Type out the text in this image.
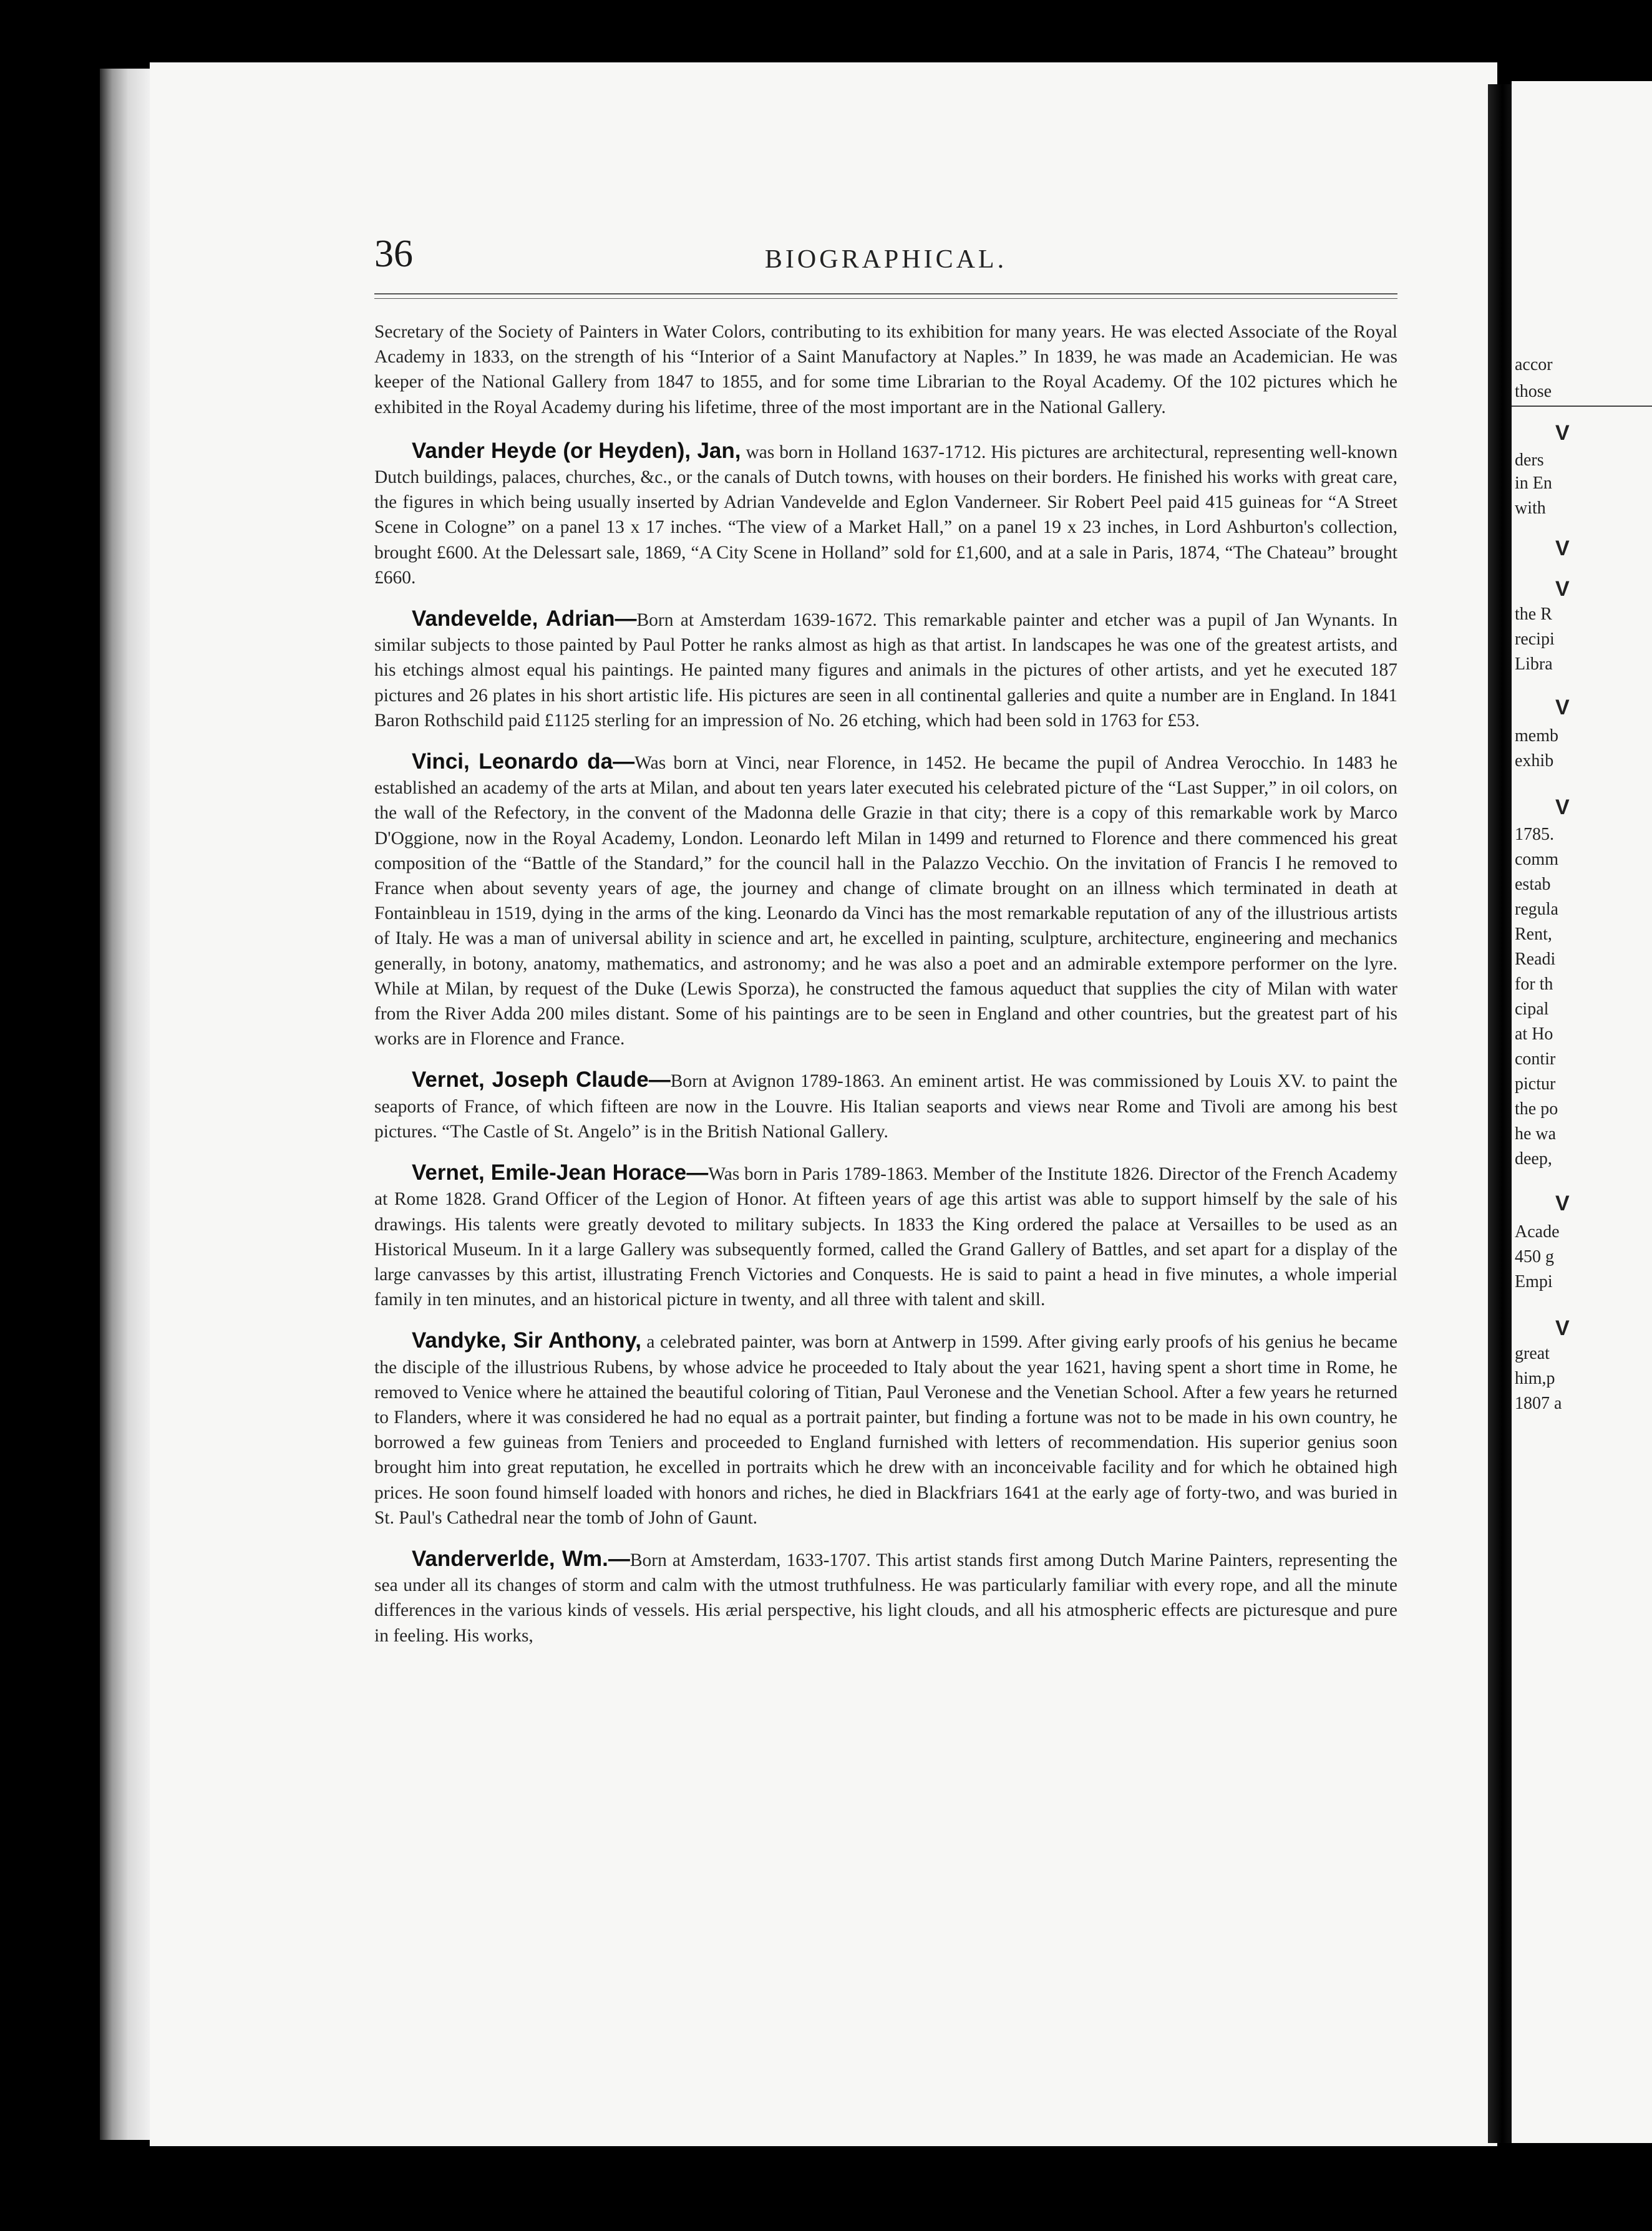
accor
those
V
ders
in En
with
V
V
the R
recipi
Libra
V
memb
exhib
V
1785.
comm
estab
regula
Rent,
Readi
for th
cipal
at Ho
contir
pictur
the po
he wa
deep,
V
Acade
450 g
Empi
V
great
him,p
1807 a
36	BIOGRAPHICAL.

Secretary of the Society of Painters in Water Colors, contributing to its exhibition for many years. He was elected Associate of the Royal Academy in 1833, on the strength of his “Interior of a Saint Manufactory at Naples.” In 1839, he was made an Academician. He was keeper of the National Gallery from 1847 to 1855, and for some time Librarian to the Royal Academy. Of the 102 pictures which he exhibited in the Royal Academy during his lifetime, three of the most important are in the National Gallery.

Vander Heyde (or Heyden), Jan, was born in Holland 1637-1712. His pictures are architectural, representing well-known Dutch buildings, palaces, churches, &c., or the canals of Dutch towns, with houses on their borders. He finished his works with great care, the figures in which being usually inserted by Adrian Vandevelde and Eglon Vanderneer. Sir Robert Peel paid 415 guineas for “A Street Scene in Cologne” on a panel 13 x 17 inches. “The view of a Market Hall,” on a panel 19 x 23 inches, in Lord Ashburton's collection, brought £600. At the Delessart sale, 1869, “A City Scene in Holland” sold for £1,600, and at a sale in Paris, 1874, “The Chateau” brought £660.

Vandevelde, Adrian—Born at Amsterdam 1639-1672. This remarkable painter and etcher was a pupil of Jan Wynants. In similar subjects to those painted by Paul Potter he ranks almost as high as that artist. In landscapes he was one of the greatest artists, and his etchings almost equal his paintings. He painted many figures and animals in the pictures of other artists, and yet he executed 187 pictures and 26 plates in his short artistic life. His pictures are seen in all continental galleries and quite a number are in England. In 1841 Baron Rothschild paid £1125 sterling for an impression of No. 26 etching, which had been sold in 1763 for £53.

Vinci, Leonardo da—Was born at Vinci, near Florence, in 1452. He became the pupil of Andrea Verocchio. In 1483 he established an academy of the arts at Milan, and about ten years later executed his celebrated picture of the “Last Supper,” in oil colors, on the wall of the Refectory, in the convent of the Madonna delle Grazie in that city; there is a copy of this remarkable work by Marco D'Oggione, now in the Royal Academy, London. Leonardo left Milan in 1499 and returned to Florence and there commenced his great composition of the “Battle of the Standard,” for the council hall in the Palazzo Vecchio. On the invitation of Francis I he removed to France when about seventy years of age, the journey and change of climate brought on an illness which terminated in death at Fontainbleau in 1519, dying in the arms of the king. Leonardo da Vinci has the most remarkable reputation of any of the illustrious artists of Italy. He was a man of universal ability in science and art, he excelled in painting, sculpture, architecture, engineering and mechanics generally, in botony, anatomy, mathematics, and astronomy; and he was also a poet and an admirable extempore performer on the lyre. While at Milan, by request of the Duke (Lewis Sporza), he constructed the famous aqueduct that supplies the city of Milan with water from the River Adda 200 miles distant. Some of his paintings are to be seen in England and other countries, but the greatest part of his works are in Florence and France.

Vernet, Joseph Claude—Born at Avignon 1789-1863. An eminent artist. He was commissioned by Louis XV. to paint the seaports of France, of which fifteen are now in the Louvre. His Italian seaports and views near Rome and Tivoli are among his best pictures. “The Castle of St. Angelo” is in the British National Gallery.

Vernet, Emile-Jean Horace—Was born in Paris 1789-1863. Member of the Institute 1826. Director of the French Academy at Rome 1828. Grand Officer of the Legion of Honor. At fifteen years of age this artist was able to support himself by the sale of his drawings. His talents were greatly devoted to military subjects. In 1833 the King ordered the palace at Versailles to be used as an Historical Museum. In it a large Gallery was subsequently formed, called the Grand Gallery of Battles, and set apart for a display of the large canvasses by this artist, illustrating French Victories and Conquests. He is said to paint a head in five minutes, a whole imperial family in ten minutes, and an historical picture in twenty, and all three with talent and skill.

Vandyke, Sir Anthony, a celebrated painter, was born at Antwerp in 1599. After giving early proofs of his genius he became the disciple of the illustrious Rubens, by whose advice he proceeded to Italy about the year 1621, having spent a short time in Rome, he removed to Venice where he attained the beautiful coloring of Titian, Paul Veronese and the Venetian School. After a few years he returned to Flanders, where it was considered he had no equal as a portrait painter, but finding a fortune was not to be made in his own country, he borrowed a few guineas from Teniers and proceeded to England furnished with letters of recommendation. His superior genius soon brought him into great reputation, he excelled in portraits which he drew with an inconceivable facility and for which he obtained high prices. He soon found himself loaded with honors and riches, he died in Blackfriars 1641 at the early age of forty-two, and was buried in St. Paul's Cathedral near the tomb of John of Gaunt.

Vanderverlde, Wm.—Born at Amsterdam, 1633-1707. This artist stands first among Dutch Marine Painters, representing the sea under all its changes of storm and calm with the utmost truthfulness. He was particularly familiar with every rope, and all the minute differences in the various kinds of vessels. His ærial perspective, his light clouds, and all his atmospheric effects are picturesque and pure in feeling. His works,
